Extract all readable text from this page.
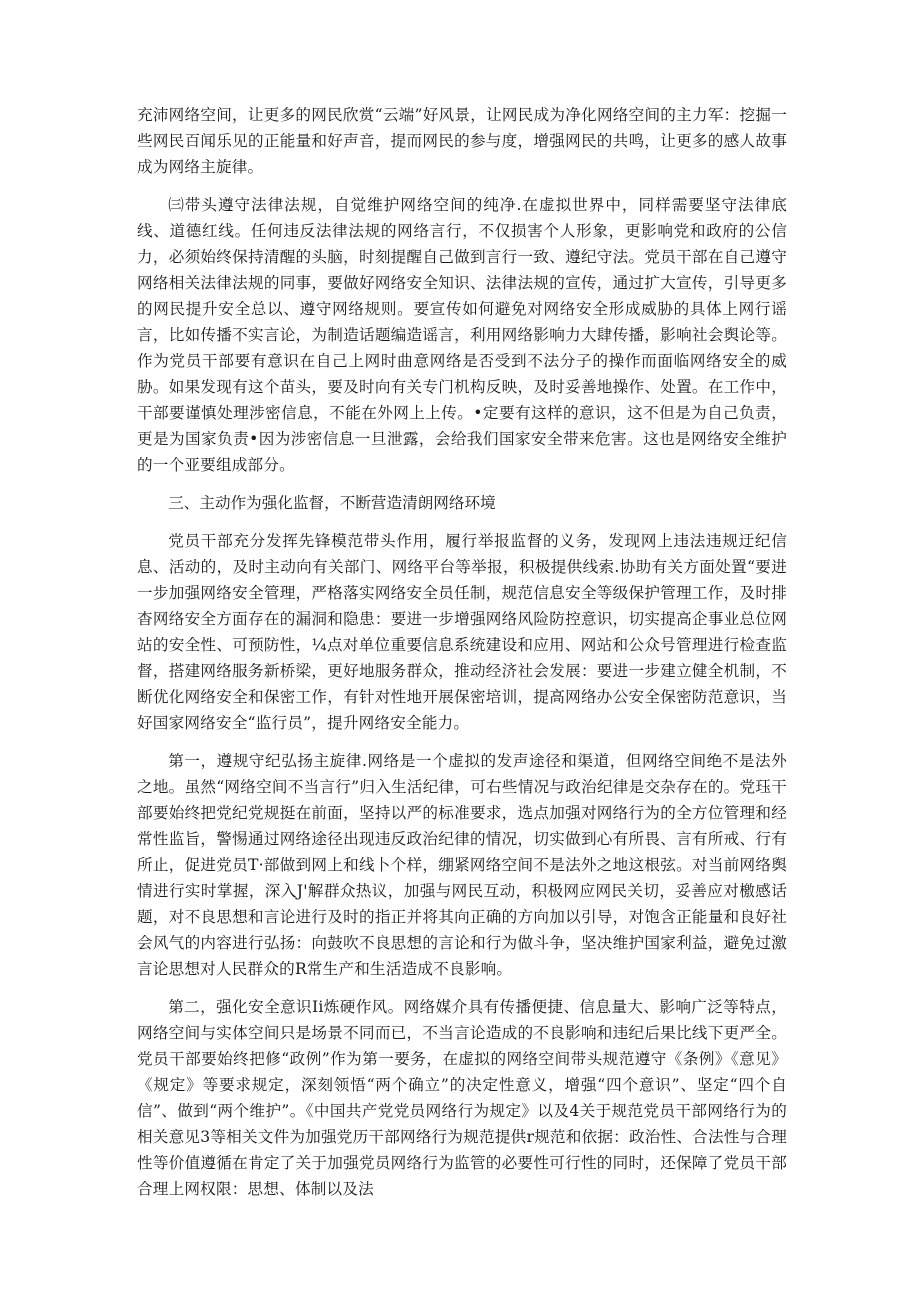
充沛网络空间，让更多的网民欣赏“云端”好风景，让网民成为净化网络空间的主力军：挖掘一些网民百闻乐见的正能量和好声音，提而网民的参与度，增强网民的共鸣，让更多的感人故事成为网络主旋律。

㈢带头遵守法律法规，自觉维护网络空间的纯净.在虚拟世界中，同样需要坚守法律底线、道德红线。任何违反法律法规的网络言行，不仅损害个人形象，更影响党和政府的公信力，必须始终保持清醒的头脑，时刻提醒自己做到言行一致、遵纪守法。党员干部在自己遵守网络相关法律法规的同事，要做好网络安全知识、法律法规的宣传，通过扩大宣传，引导更多的网民提升安全总以、遵守网络规则。要宣传如何避免对网络安全形成威胁的具体上网行谣言，比如传播不实言论，为制造话题编造谣言，利用网络影响力大肆传播，影响社会舆论等。作为党员干部要有意识在自己上网时曲意网络是否受到不法分子的操作而面临网络安全的威胁。如果发现有这个苗头，要及时向有关专门机构反映，及时妥善地操作、处置。在工作中，干部要谨慎处理涉密信息，不能在外网上上传。•定要有这样的意识，这不但是为自己负责，更是为国家负责•因为涉密信息一旦泄露，会给我们国家安全带来危害。这也是网络安全维护的一个亚要组成部分。

三、主动作为强化监督，不断营造清朗网络环境

党员干部充分发挥先锋模范带头作用，履行举报监督的义务，发现网上违法违规迂纪信息、活动的，及时主动向有关部门、网络平台等举报，积极提供线索.协助有关方面处置“要进一步加强网络安全管理，严格落实网络安全员任制，规范信息安全等级保护管理工作，及时排杳网络安全方面存在的漏洞和隐患：要进一步增强网络风险防控意识，切实提高企事业总位网站的安全性、可预防性，¼点对单位重要信息系统建设和应用、网站和公众号管理进行检查监督，搭建网络服务新桥梁，更好地服务群众，推动经济社会发展：要进一步建立健全机制，不断优化网络安全和保密工作，有针对性地开展保密培训，提高网络办公安全保密防范意识，当好国家网络安全“监行员”，提升网络安全能力。

第一，遵规守纪弘扬主旋律.网络是一个虚拟的发声途径和渠道，但网络空间绝不是法外之地。虽然“网络空间不当言行”归入生活纪律，可右些情况与政治纪律是交杂存在的。党珏干部要始终把党纪党规挺在前面，坚持以严的标准要求，选点加强对网络行为的全方位管理和经常性监旨，警惕通过网络途径出现违反政治纪律的情况，切实做到心有所畏、言有所戒、行有所止，促进党员T·部做到网上和线卜个样，绷紧网络空间不是法外之地这根弦。对当前网络舆情进行实时掌握，深入J'解群众热议，加强与网民互动，积极网应网民关切，妥善应对檄感话题，对不良思想和言论进行及时的指正并将其向正确的方向加以引导，对饱含正能量和良好社会风气的内容进行弘扬：向鼓吹不良思想的言论和行为做斗争，坚决维护国家利益，避免过激言论思想对人民群众的R常生产和生活造成不良影响。

第二，强化安全意识Ii炼硬作风。网络媒介具有传播便捷、信息量大、影响广泛等特点，网络空间与实体空间只是场景不同而已，不当言论造成的不良影响和违纪后果比线下更严全。党员干部要始终把修“政例”作为第一要务，在虚拟的网络空间带头规范遵守《条例》《意见》《规定》等要求规定，深刻领悟“两个确立”的决定性意义，增强“四个意识”、坚定“四个自信”、做到“两个维护”。《中国共产党党员网络行为规定》以及4关于规范党员干部网络行为的相关意见3等相关文件为加强党历干部网络行为规范提供r规范和依据：政治性、合法性与合理性等价值遵循在肯定了关于加强党员网络行为监管的必要性可行性的同时，还保障了党员干部合理上网权限：思想、体制以及法
